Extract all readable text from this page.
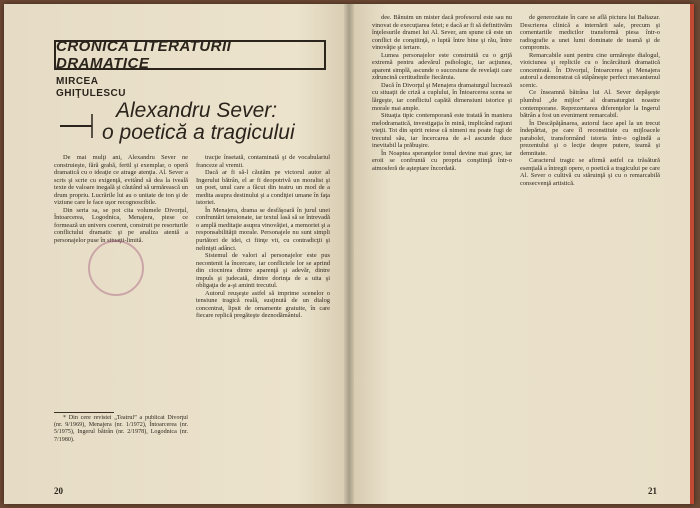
CRONICA LITERATURII DRAMATICE
MIRCEA
GHIŢULESCU
Alexandru Sever:
o poetică a tragicului

De mai mulţi ani, Alexandru Sever ne construieşte, fără grabă, fertil şi exemplar, o operă dramatică cu o ideaţie ce atrage atenţia. Al. Sever a scris şi scrie cu exigenţă, evitând să dea la iveală texte de valoare inegală şi căutând să urmărească un drum propriu. Lucrările lui au o unitate de ton şi de viziune care le face uşor recognoscibile.

Din seria sa, se pot cita volumele Divorţul, Întoarcerea, Logodnica, Menajera, piese ce formează un univers coerent, construit pe resorturile conflictului dramatic şi pe analiza atentă a personajelor puse în situaţii-limită.

tracţie însetată, contaminată şi de vocabulariul franceze al vremii.

Dacă ar fi să-l căutăm pe victorul autor al Ingerului bătrân, el ar fi deopotrivă un moralist şi un poet, unul care a făcut din teatru un mod de a medita asupra destinului şi a condiţiei umane în faţa istoriei.

În Menajera, drama se desfăşoară în jurul unei confruntări tensionate, iar textul lasă să se întrevadă o amplă meditaţie asupra vinovăţiei, a memoriei şi a responsabilităţii morale. Personajele nu sunt simpli purtători de idei, ci fiinţe vii, cu contradicţii şi nelinişti adânci.

Sistemul de valori al personajelor este pus necontenit la încercare, iar conflictele lor se aprind din ciocnirea dintre aparenţă şi adevăr, dintre impuls şi judecată, dintre dorinţa de a uita şi obligaţia de a-şi aminti trecutul.

Autorul reuşeşte astfel să imprime scenelor o tensiune tragică reală, susţinută de un dialog concentrat, lipsit de ornamente gratuite, în care fiecare replică pregăteşte deznodământul.

* Din cere revistei „Teatrul” a publicat Divorţul (nr. 9/1969), Menajera (nr. 1/1972), Întoarcerea (nr. 5/1975), Ingerul bătrân (nr. 2/1978), Logodnica (nr. 7/1980).

20

dee. Bănuim un mister dacă profesorul este sau nu vinovat de execuţiarea fetei; e dacă ar fi să definitivăm înţelesurile dramei lui Al. Sever, am spune că este un conflict de conştiinţă, o luptă între bine şi rău, între vinovăţie şi iertare.

Lumea personajelor este construită cu o grijă extremă pentru adevărul psihologic, iar acţiunea, aparent simplă, ascunde o succesiune de revelaţii care zdruncină certitudinile fiecăruia.

Dacă în Divorţul şi Menajera dramaturgul lucrează cu situaţii de criză a cuplului, în Întoarcerea scena se lărgeşte, iar conflictul capătă dimensiuni istorice şi morale mai ample.

Situaţia tipic contemporană este tratată în maniera melodramatică, investigaţia în mină, implicând raţiuni vieţii. Tot din spirit reiese că nimeni nu poate fugi de trecutul său, iar încercarea de a-l ascunde duce inevitabil la prăbuşire.

În Noaptea speranţelor tonul devine mai grav, iar eroii se confruntă cu propria conştiinţă într-o atmosferă de aşteptare încordată.

de generozitate în care se află pictura lui Baltazar. Descrierea clinică a internării sale, precum şi comentariile medicilor transformă piesa într-o radiografie a unei lumi dominate de teamă şi de compromis.

Remarcabile sunt pentru cine urmăreşte dialogul, vioiciunea şi replicile cu o încărcătură dramatică concentrată. În Divorţul, Întoarcerea şi Menajera autorul a demonstrat că stăpâneşte perfect mecanismul scenic.

Ce înseamnă bătrâna lui Al. Sever depăşeşte plumbul „de mijloc” al dramaturgiei noastre contemporane. Reprezentarea diferenţelor la Ingerul bătrân a fost un eveniment remarcabil.

În Descăpăţânarea, autorul face apel la un trecut îndepărtat, pe care îl reconstituie cu mijloacele parabolei, transformând istoria într-o oglindă a prezentului şi o lecţie despre putere, teamă şi demnitate.

Caracterul tragic se afirmă astfel ca trăsătură esenţială a întregii opere, o poetică a tragicului pe care Al. Sever o cultivă cu stăruinţă şi cu o remarcabilă consecvenţă artistică.

21
